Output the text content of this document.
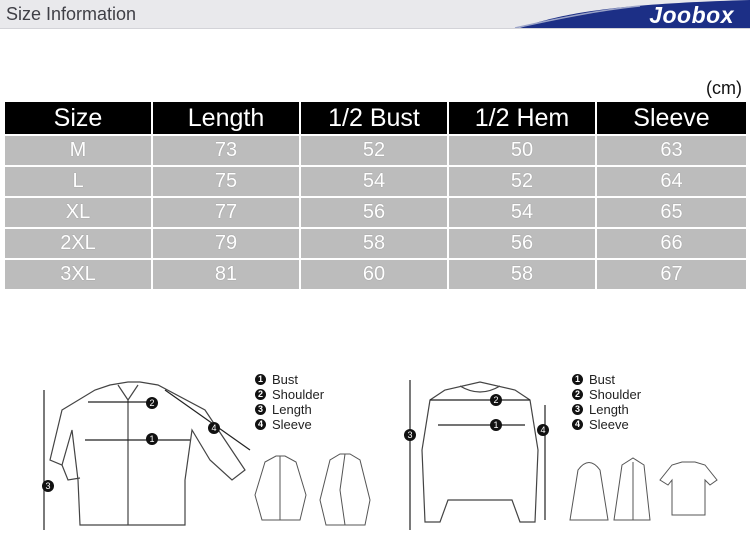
Size Information	Joobox
(cm)
Size	Length	1/2 Bust	1/2 Hem	Sleeve
M	73	52	50	63
L	75	54	52	64
XL	77	56	54	65
2XL	79	58	56	66
3XL	81	60	58	67
1
2
4
3
1
2
3	4
1 Bust
2 Shoulder
3 Length
4 Sleeve
1 Bust
2 Shoulder
3 Length
4 Sleeve
